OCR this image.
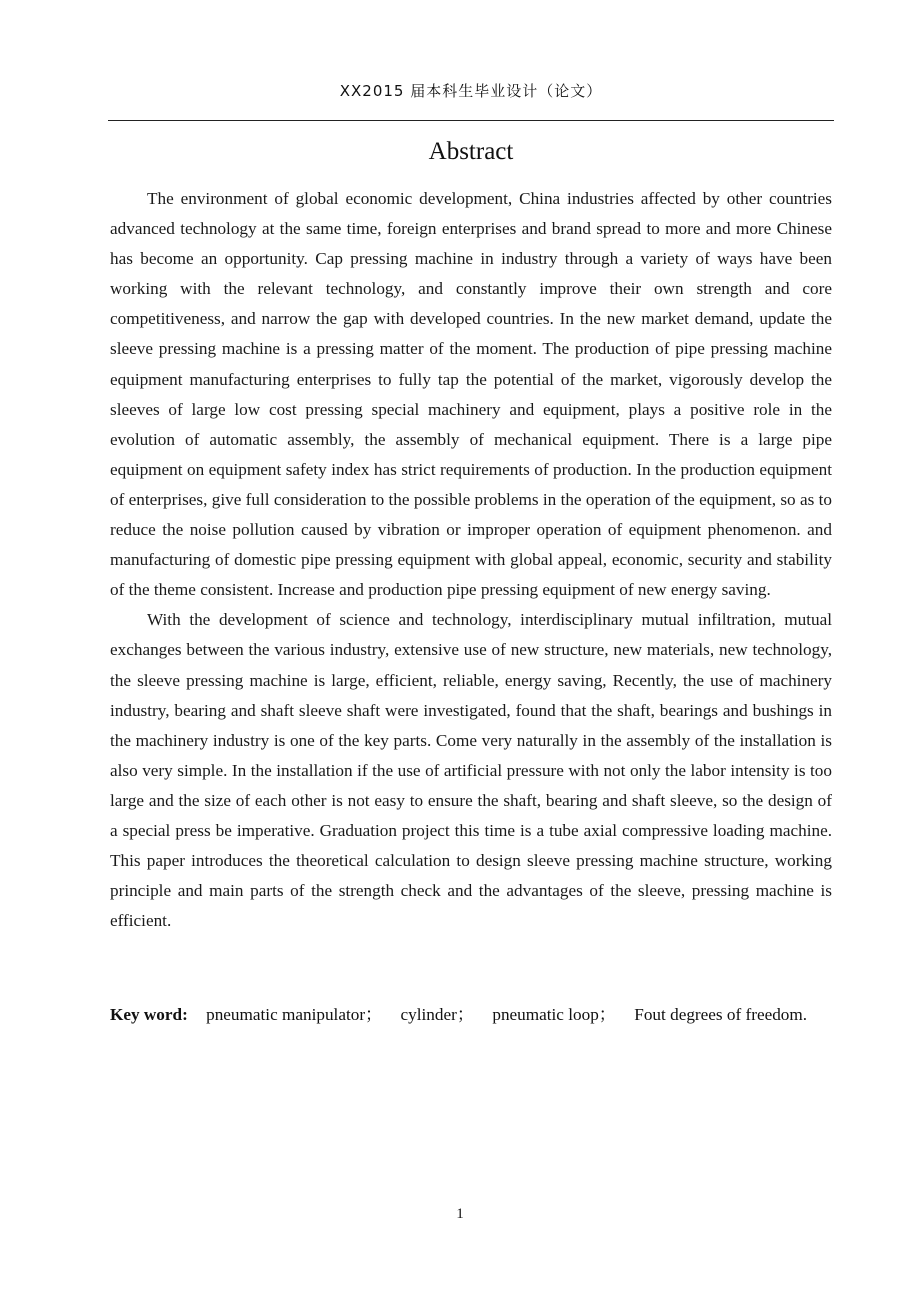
XX2015 届本科生毕业设计（论文）
Abstract

The environment of global economic development, China industries affected by other countries advanced technology at the same time, foreign enterprises and brand spread to more and more Chinese has become an opportunity. Cap pressing machine in industry through a variety of ways have been working with the relevant technology, and constantly improve their own strength and core competitiveness, and narrow the gap with developed countries. In the new market demand, update the sleeve pressing machine is a pressing matter of the moment. The production of pipe pressing machine equipment manufacturing enterprises to fully tap the potential of the market, vigorously develop the sleeves of large low cost pressing special machinery and equipment, plays a positive role in the evolution of automatic assembly, the assembly of mechanical equipment. There is a large pipe equipment on equipment safety index has strict requirements of production. In the production equipment of enterprises, give full consideration to the possible problems in the operation of the equipment, so as to reduce the noise pollution caused by vibration or improper operation of equipment phenomenon. and manufacturing of domestic pipe pressing equipment with global appeal, economic, security and stability of the theme consistent. Increase and production pipe pressing equipment of new energy saving.

With the development of science and technology, interdisciplinary mutual infiltration, mutual exchanges between the various industry, extensive use of new structure, new materials, new technology, the sleeve pressing machine is large, efficient, reliable, energy saving, Recently, the use of machinery industry, bearing and shaft sleeve shaft were investigated, found that the shaft, bearings and bushings in the machinery industry is one of the key parts. Come very naturally in the assembly of the installation is also very simple. In the installation if the use of artificial pressure with not only the labor intensity is too large and the size of each other is not easy to ensure the shaft, bearing and shaft sleeve, so the design of a special press be imperative. Graduation project this time is a tube axial compressive loading machine. This paper introduces the theoretical calculation to design sleeve pressing machine structure, working principle and main parts of the strength check and the advantages of the sleeve, pressing machine is efficient.

Key word: pneumatic manipulator； cylinder； pneumatic loop； Fout degrees of freedom.
1
